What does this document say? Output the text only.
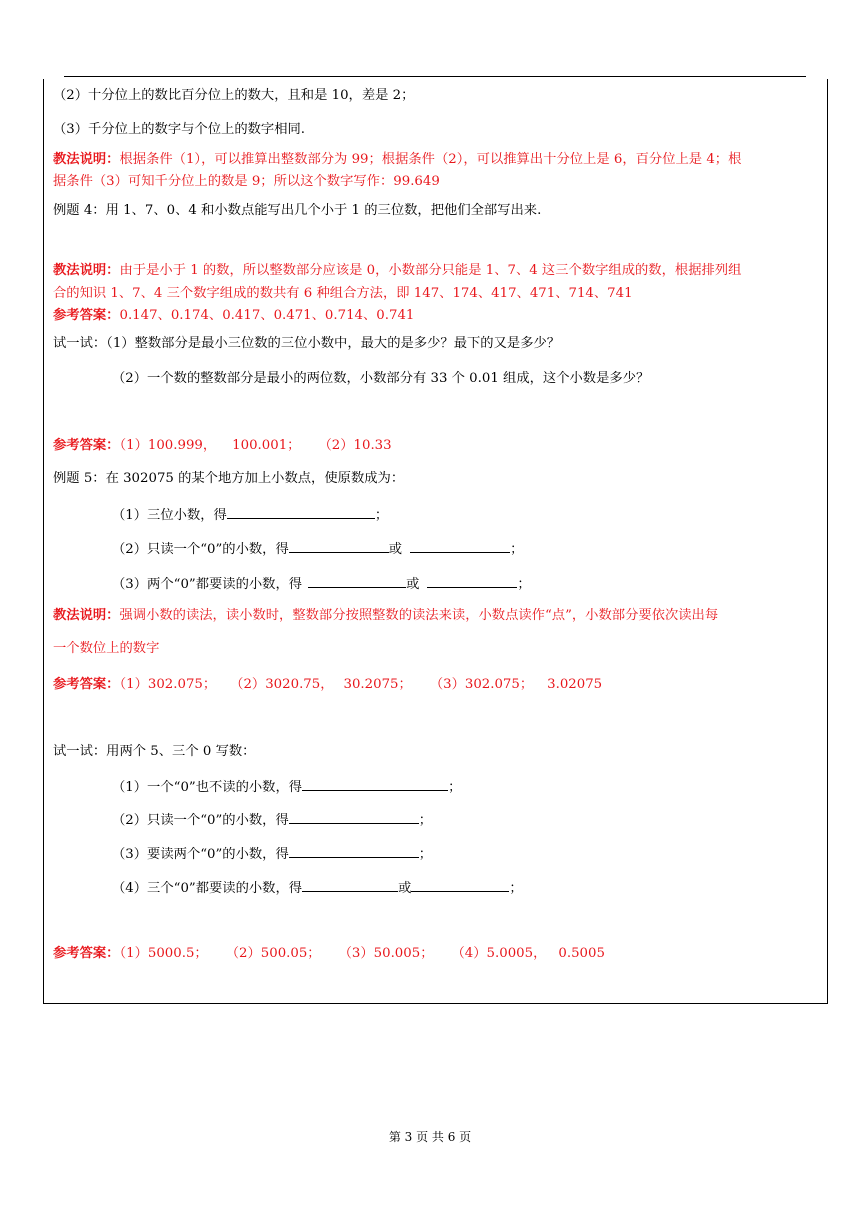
（2）十分位上的数比百分位上的数大，且和是 10，差是 2；
（3）千分位上的数字与个位上的数字相同.
教法说明：根据条件（1），可以推算出整数部分为 99；根据条件（2），可以推算出十分位上是 6，百分位上是 4；根
据条件（3）可知千分位上的数是 9；所以这个数字写作：99.649
例题 4：用 1、7、0、4 和小数点能写出几个小于 1 的三位数，把他们全部写出来.
教法说明：由于是小于 1 的数，所以整数部分应该是 0，小数部分只能是 1、7、4 这三个数字组成的数，根据排列组
合的知识 1、7、4 三个数字组成的数共有 6 种组合方法，即 147、174、417、471、714、741
参考答案：0.147、0.174、0.417、0.471、0.714、0.741
试一试：（1）整数部分是最小三位数的三位小数中，最大的是多少？最下的又是多少？
（2）一个数的整数部分是最小的两位数，小数部分有 33 个 0.01 组成，这个小数是多少？
参考答案：（1）100.999， 100.001； （2）10.33
例题 5：在 302075 的某个地方加上小数点，使原数成为：
（1）三位小数，得	；
（2）只读一个“0”的小数，得	或	；
（3）两个“0”都要读的小数，得	或	；
教法说明：强调小数的读法，读小数时，整数部分按照整数的读法来读，小数点读作“点”，小数部分要依次读出每
一个数位上的数字
参考答案：（1）302.075； （2）3020.75， 30.2075； （3）302.075； 3.02075
试一试：用两个 5、三个 0 写数：
（1）一个“0”也不读的小数，得	；
（2）只读一个“0”的小数，得	；
（3）要读两个“0”的小数，得	；
（4）三个“0”都要读的小数，得	或	；
参考答案：（1）5000.5； （2）500.05； （3）50.005； （4）5.0005， 0.5005
第 3 页 共 6 页
